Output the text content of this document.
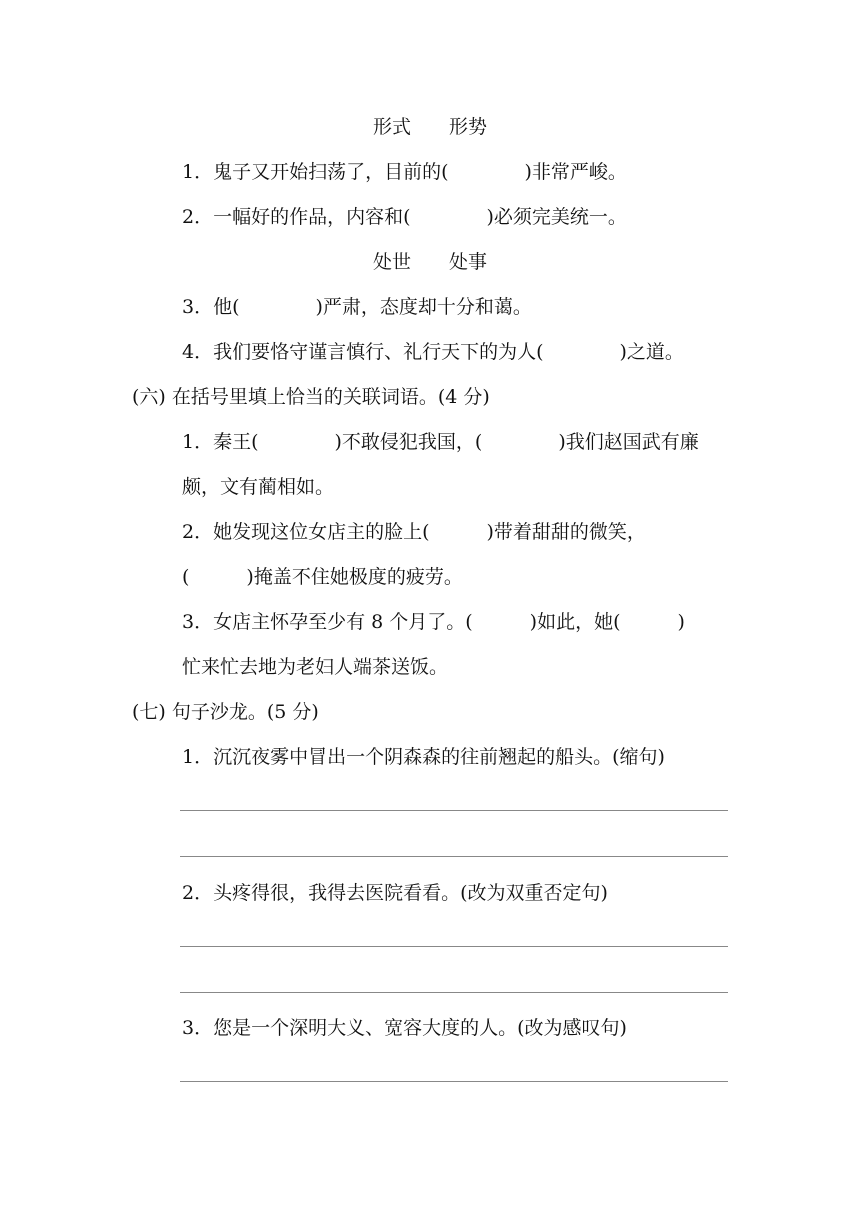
形式　　形势
1．鬼子又开始扫荡了，目前的(　　　　)非常严峻。
2．一幅好的作品，内容和(　　　　)必须完美统一。
处世　　处事
3．他(　　　　)严肃，态度却十分和蔼。
4．我们要恪守谨言慎行、礼行天下的为人(　　　　)之道。
(六) 在括号里填上恰当的关联词语。(4 分)
1．秦王(　　　　)不敢侵犯我国，(　　　　)我们赵国武有廉
颇，文有蔺相如。
2．她发现这位女店主的脸上(　　　)带着甜甜的微笑，
(　　　)掩盖不住她极度的疲劳。
3．女店主怀孕至少有 8 个月了。(　　　)如此，她(　　　)
忙来忙去地为老妇人端茶送饭。
(七) 句子沙龙。(5 分)
1．沉沉夜雾中冒出一个阴森森的往前翘起的船头。(缩句)
2．头疼得很，我得去医院看看。(改为双重否定句)
3．您是一个深明大义、宽容大度的人。(改为感叹句)
